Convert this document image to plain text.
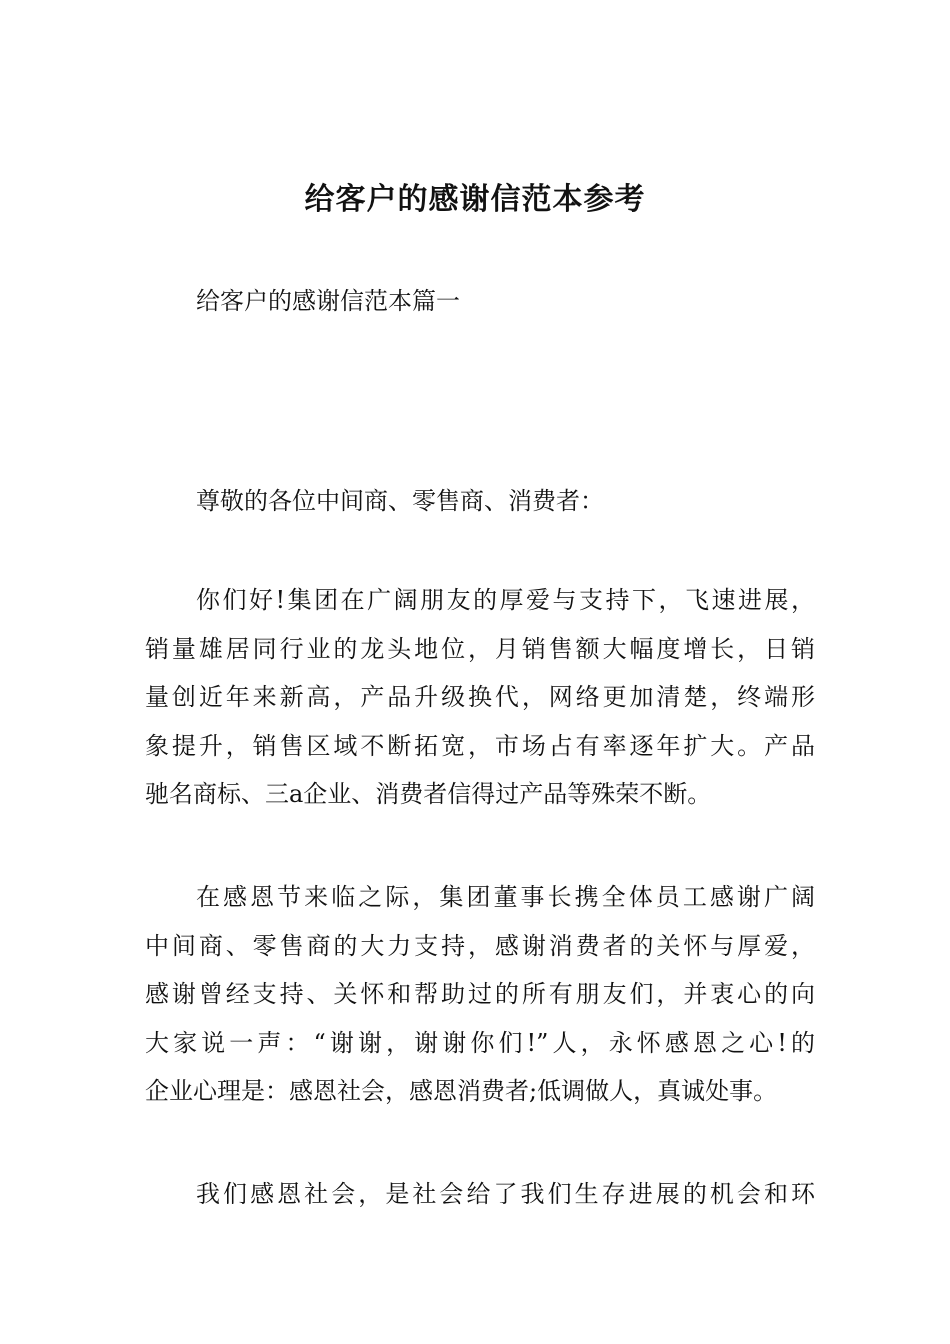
给客户的感谢信范本参考
给客户的感谢信范本篇一
尊敬的各位中间商、零售商、消费者：
你们好!集团在广阔朋友的厚爱与支持下，飞速进展，
销量雄居同行业的龙头地位，月销售额大幅度增长，日销
量创近年来新高，产品升级换代，网络更加清楚，终端形
象提升，销售区域不断拓宽，市场占有率逐年扩大。产品
驰名商标、三a企业、消费者信得过产品等殊荣不断。
在感恩节来临之际，集团董事长携全体员工感谢广阔
中间商、零售商的大力支持，感谢消费者的关怀与厚爱，
感谢曾经支持、关怀和帮助过的所有朋友们，并衷心的向
大家说一声：“谢谢，谢谢你们!”人，永怀感恩之心!的
企业心理是：感恩社会，感恩消费者;低调做人，真诚处事。
我们感恩社会，是社会给了我们生存进展的机会和环
